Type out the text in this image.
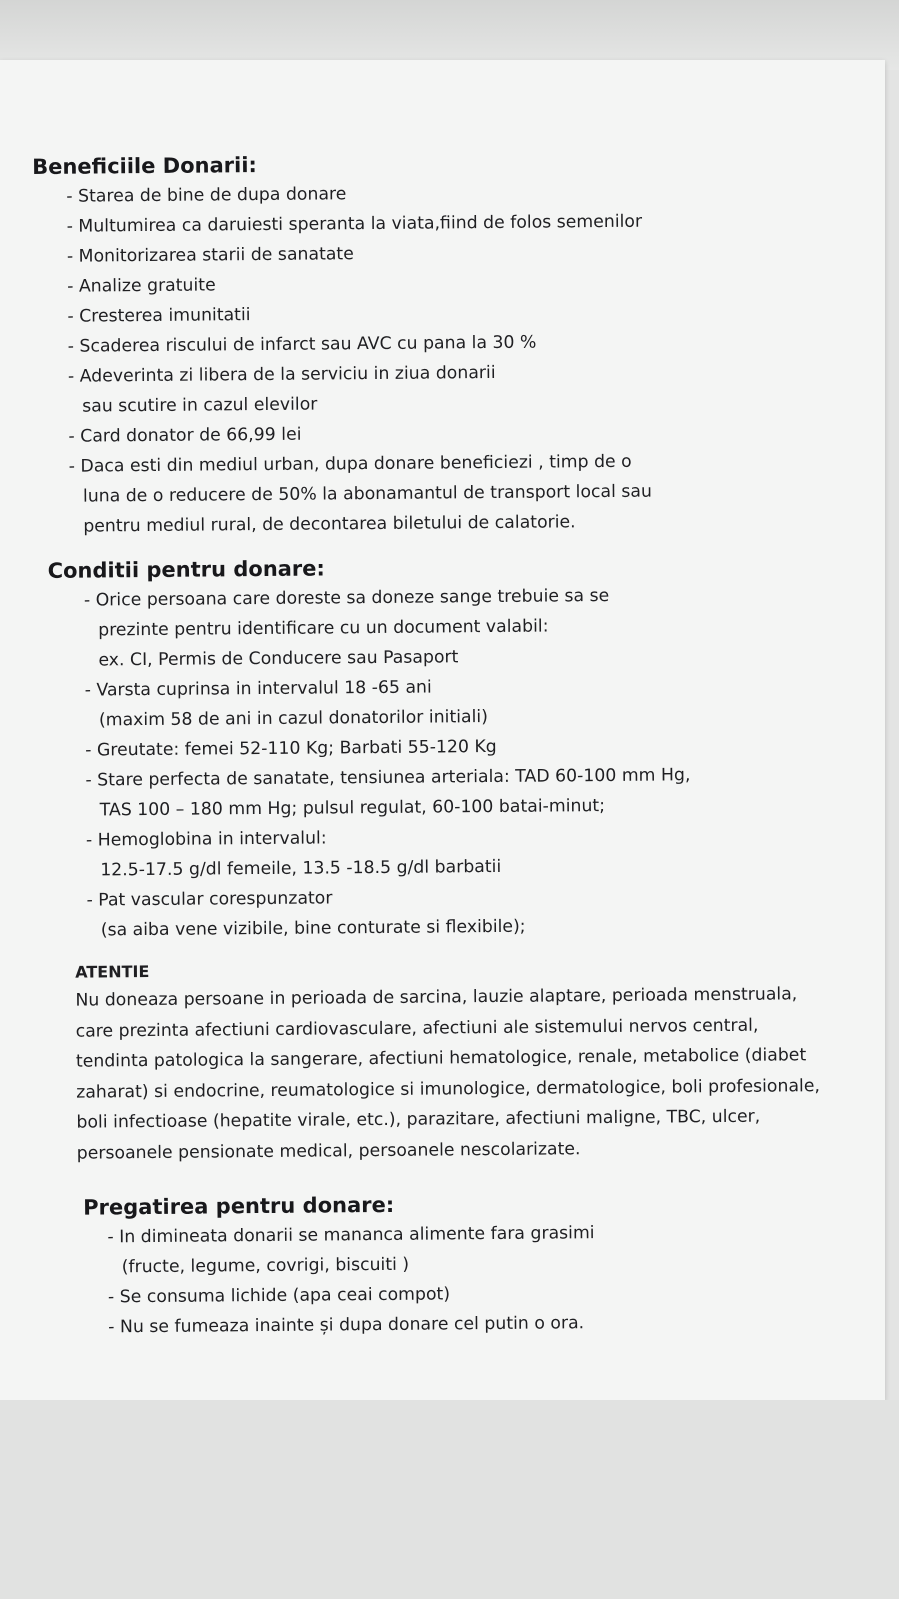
Beneficiile Donarii:
- Starea de bine de dupa donare
- Multumirea ca daruiesti speranta la viata,fiind de folos semenilor
- Monitorizarea starii de sanatate
- Analize gratuite
- Cresterea imunitatii
- Scaderea riscului de infarct sau AVC cu pana la 30 %
- Adeverinta zi libera de la serviciu in ziua donarii

sau scutire in cazul elevilor
- Card donator de 66,99 lei
- Daca esti din mediul urban, dupa donare beneficiezi , timp de o

luna de o reducere de 50% la abonamantul de transport local sau
pentru mediul rural, de decontarea biletului de calatorie.
Conditii pentru donare:
- Orice persoana care doreste sa doneze sange trebuie sa se

prezinte pentru identificare cu un document valabil:
ex. CI, Permis de Conducere sau Pasaport
- Varsta cuprinsa in intervalul 18 -65 ani

(maxim 58 de ani in cazul donatorilor initiali)
- Greutate: femei 52-110 Kg; Barbati 55-120 Kg
- Stare perfecta de sanatate, tensiunea arteriala: TAD 60-100 mm Hg,

TAS 100 – 180 mm Hg; pulsul regulat, 60-100 batai-minut;
- Hemoglobina in intervalul:

12.5-17.5 g/dl femeile, 13.5 -18.5 g/dl barbatii
- Pat vascular corespunzator

(sa aiba vene vizibile, bine conturate si flexibile);
ATENTIE

Nu doneaza persoane in perioada de sarcina, lauzie alaptare, perioada menstruala, care prezinta afectiuni cardiovasculare, afectiuni ale sistemului nervos central, tendinta patologica la sangerare, afectiuni hematologice, renale, metabolice (diabet zaharat) si endocrine, reumatologice si imunologice, dermatologice, boli profesionale, boli infectioase (hepatite virale, etc.), parazitare, afectiuni maligne, TBC, ulcer, persoanele pensionate medical, persoanele nescolarizate.

Pregatirea pentru donare:
- In dimineata donarii se mananca alimente fara grasimi

(fructe, legume, covrigi, biscuiti )
- Se consuma lichide (apa ceai compot)
- Nu se fumeaza inainte și dupa donare cel putin o ora.
